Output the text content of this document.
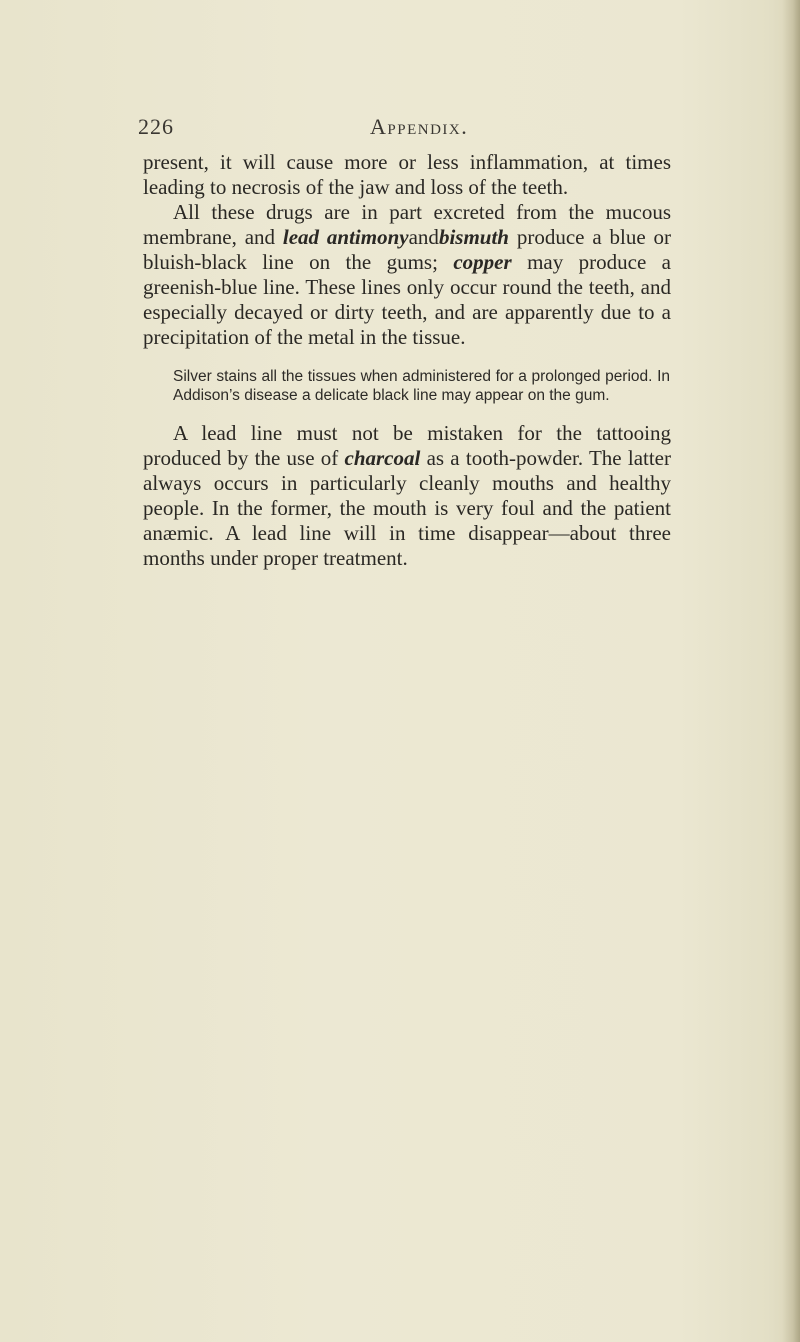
226	Appendix.

present, it will cause more or less inflammation, at times leading to necrosis of the jaw and loss of the teeth.

All these drugs are in part excreted from the mucous membrane, and lead antimonyandbismuth produce a blue or bluish-black line on the gums; copper may produce a greenish-blue line. These lines only occur round the teeth, and especially decayed or dirty teeth, and are apparently due to a precipitation of the metal in the tissue.

Silver stains all the tissues when administered for a prolonged period. In Addison’s disease a delicate black line may appear on the gum.

A lead line must not be mistaken for the tattooing produced by the use of charcoal as a tooth-powder. The latter always occurs in particularly cleanly mouths and healthy people. In the former, the mouth is very foul and the patient anæmic. A lead line will in time disappear—about three months under proper treatment.
